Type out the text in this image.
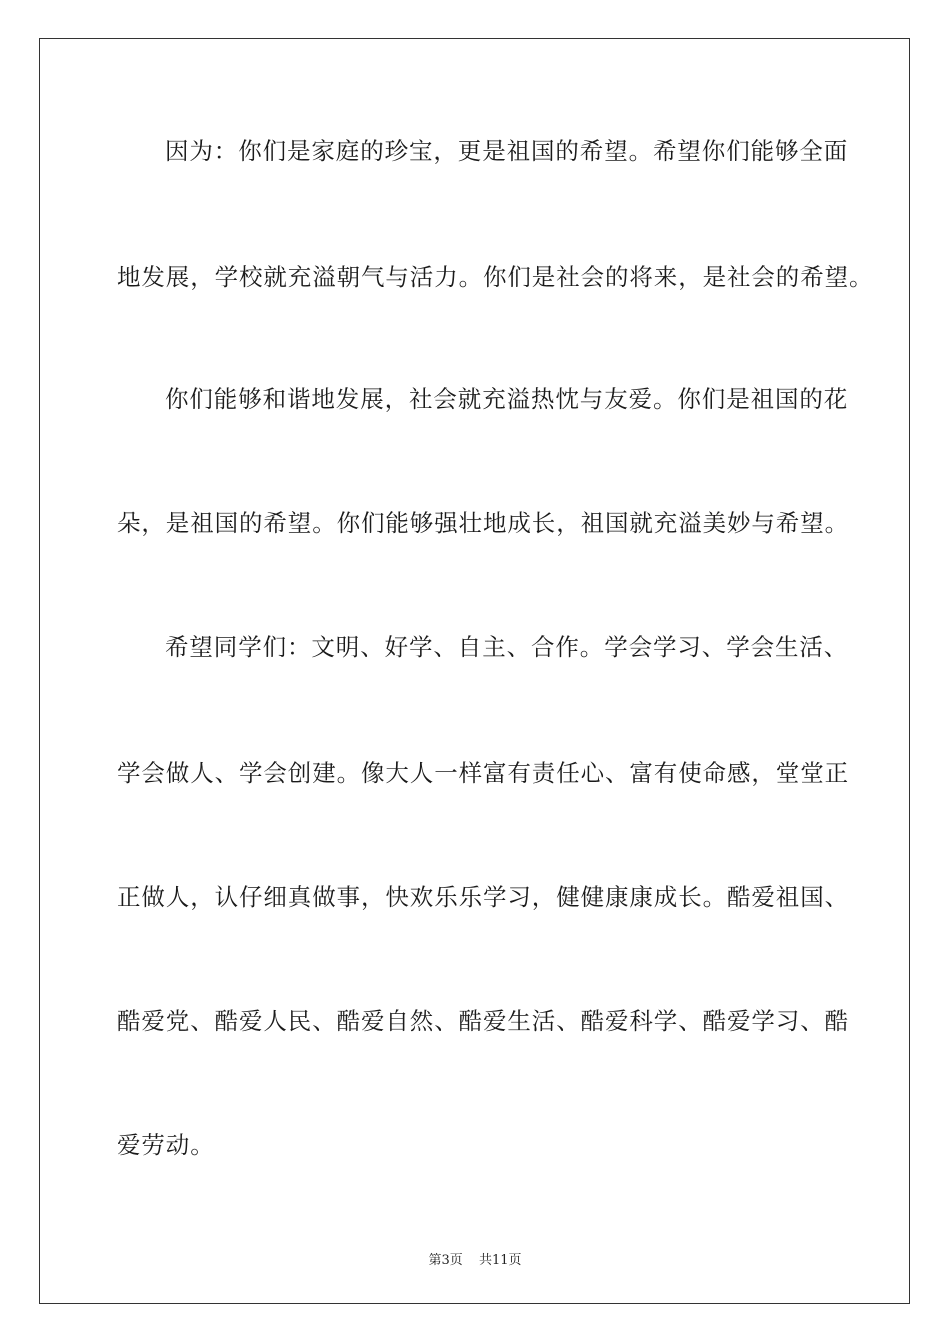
因为：你们是家庭的珍宝，更是祖国的希望。希望你们能够全面
地发展，学校就充溢朝气与活力。你们是社会的将来，是社会的希望。
你们能够和谐地发展，社会就充溢热忱与友爱。你们是祖国的花
朵，是祖国的希望。你们能够强壮地成长，祖国就充溢美妙与希望。
希望同学们：文明、好学、自主、合作。学会学习、学会生活、
学会做人、学会创建。像大人一样富有责任心、富有使命感，堂堂正
正做人，认仔细真做事，快欢乐乐学习，健健康康成长。酷爱祖国、
酷爱党、酷爱人民、酷爱自然、酷爱生活、酷爱科学、酷爱学习、酷
爱劳动。
第3页 共11页
